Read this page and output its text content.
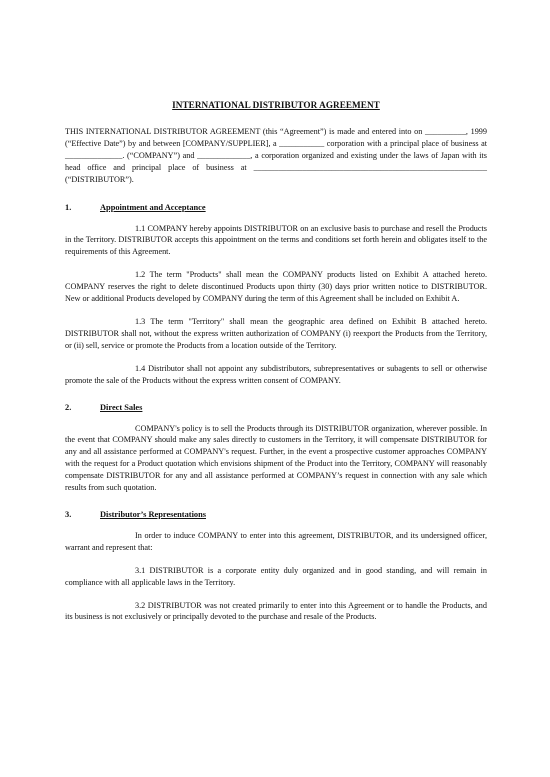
INTERNATIONAL DISTRIBUTOR AGREEMENT

THIS INTERNATIONAL DISTRIBUTOR AGREEMENT (this “Agreement”) is made and entered into on __________, 1999 (“Effective Date”) by and between [COMPANY/SUPPLIER], a ___________ corporation with a principal place of business at ______________. (“COMPANY”) and _____________, a corporation organized and existing under the laws of Japan with its head office and principal place of business at _________________________________________________________ (“DISTRIBUTOR”).

1.	Appointment and Acceptance

1.1 COMPANY hereby appoints DISTRIBUTOR on an exclusive basis to purchase and resell the Products in the Territory. DISTRIBUTOR accepts this appointment on the terms and conditions set forth herein and obligates itself to the requirements of this Agreement.

1.2 The term "Products" shall mean the COMPANY products listed on Exhibit A attached hereto. COMPANY reserves the right to delete discontinued Products upon thirty (30) days prior written notice to DISTRIBUTOR. New or additional Products developed by COMPANY during the term of this Agreement shall be included on Exhibit A.

1.3 The term "Territory" shall mean the geographic area defined on Exhibit B attached hereto. DISTRIBUTOR shall not, without the express written authorization of COMPANY (i) reexport the Products from the Territory, or (ii) sell, service or promote the Products from a location outside of the Territory.

1.4 Distributor shall not appoint any subdistributors, subrepresentatives or subagents to sell or otherwise promote the sale of the Products without the express written consent of COMPANY.

2.	Direct Sales

COMPANY's policy is to sell the Products through its DISTRIBUTOR organization, wherever possible. In the event that COMPANY should make any sales directly to customers in the Territory, it will compensate DISTRIBUTOR for any and all assistance performed at COMPANY's request. Further, in the event a prospective customer approaches COMPANY with the request for a Product quotation which envisions shipment of the Product into the Territory, COMPANY will reasonably compensate DISTRIBUTOR for any and all assistance performed at COMPANY’s request in connection with any sale which results from such quotation.

3.	Distributor’s Representations

In order to induce COMPANY to enter into this agreement, DISTRIBUTOR, and its undersigned officer, warrant and represent that:

3.1 DISTRIBUTOR is a corporate entity duly organized and in good standing, and will remain in compliance with all applicable laws in the Territory.

3.2 DISTRIBUTOR was not created primarily to enter into this Agreement or to handle the Products, and its business is not exclusively or principally devoted to the purchase and resale of the Products.
